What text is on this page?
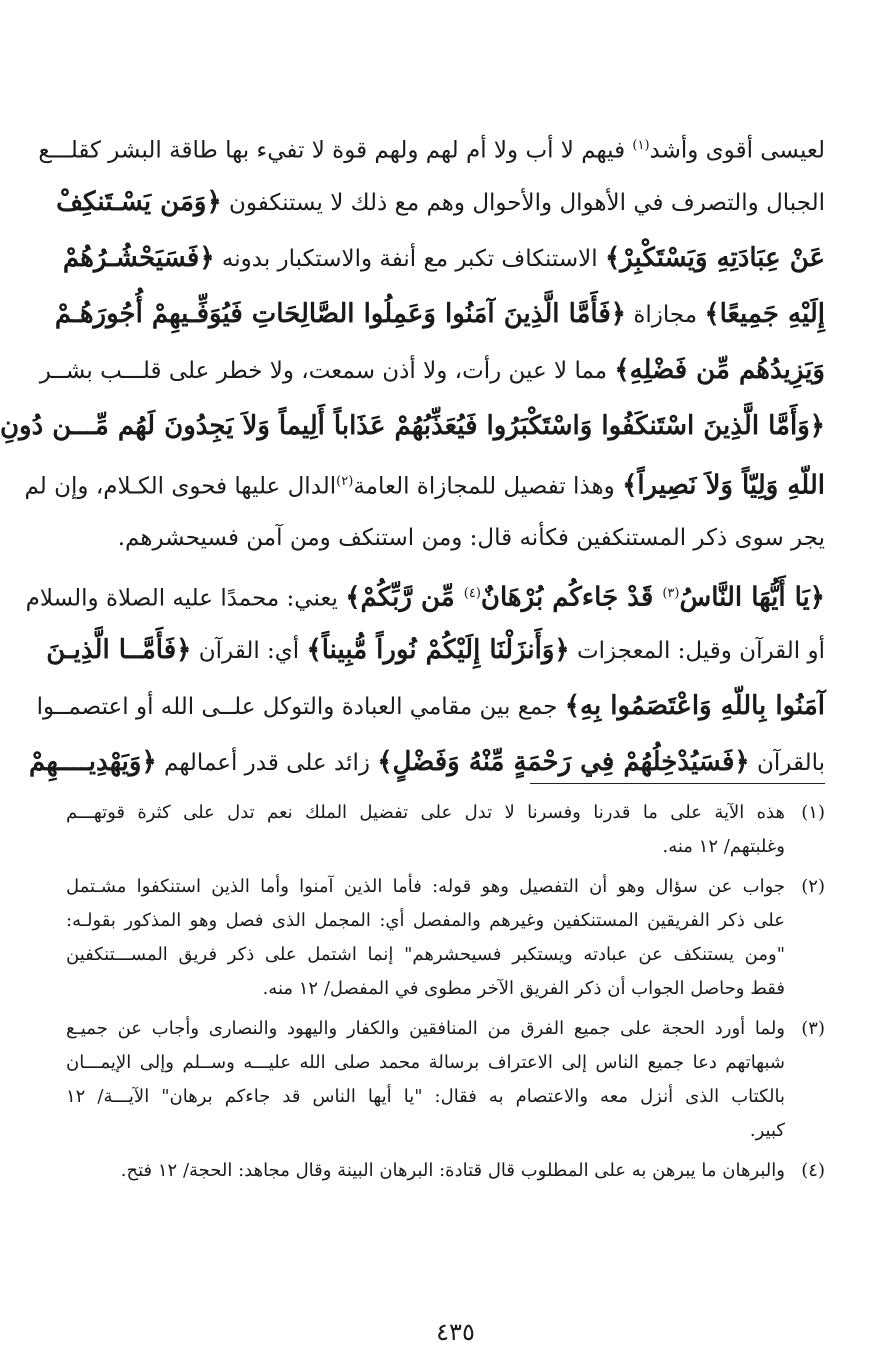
لعيسى أقوى وأشد$^{(١)}$ فيهم لا أب ولا أم لهم ولهم قوة لا تفيء بها طاقة البشر كقلـــع

الجبال والتصرف في الأهوال والأحوال وهم مع ذلك لا يستنكفون ﴿وَمَن يَسْـتَنكِفْ

عَنْ عِبَادَتِهِ وَيَسْتَكْبِرْ﴾ الاستنكاف تكبر مع أنفة والاستكبار بدونه ﴿فَسَيَحْشُـرُهُمْ

إِلَيْهِ جَمِيعًا﴾ مجازاة ﴿فَأَمَّا الَّذِينَ آمَنُوا وَعَمِلُوا الصَّالِحَاتِ فَيُوَفِّـيهِمْ أُجُورَهُـمْ

وَيَزِيدُهُم مِّن فَضْلِهِ﴾ مما لا عين رأت، ولا أذن سمعت، ولا خطر على قلـــب بشــر

﴿وَأَمَّا الَّذِينَ اسْتَنكَفُوا وَاسْتَكْبَرُوا فَيُعَذِّبُهُمْ عَذَاباً أَلِيماً وَلاَ يَجِدُونَ لَهُم مِّـــن دُونِ

اللّهِ وَلِيّاً وَلاَ نَصِيراً﴾ وهذا تفصيل للمجازاة العامة$^{(٢)}$الدال عليها فحوى الكـلام، وإن لم

يجر سوى ذكر المستنكفين فكأنه قال: ومن استنكف ومن آمن فسيحشرهم.

﴿يَا أَيُّهَا النَّاسُ$^{(٣)}$ قَدْ جَاءكُم بُرْهَانٌ$^{(٤)}$ مِّن رَّبِّكُمْ﴾ يعني: محمدًا عليه الصلاة والسلام

أو القرآن وقيل: المعجزات ﴿وَأَنزَلْنَا إِلَيْكُمْ نُوراً مُّبِيناً﴾ أي: القرآن ﴿فَأَمَّــا الَّذِيـنَ

آمَنُوا بِاللّهِ وَاعْتَصَمُوا بِهِ﴾ جمع بين مقامي العبادة والتوكل علــى الله أو اعتصمــوا

بالقرآن ﴿فَسَيُدْخِلُهُمْ فِي رَحْمَةٍ مِّنْهُ وَفَضْلٍ﴾ زائد على قدر أعمالهم ﴿وَيَهْدِيــــهِمْ

(١)
هذه الآية على ما قدرنا وفسرنا لا تدل على تفضيل الملك نعم تدل على كثرة قوتهـــم
وغلبتهم/ ١٢ منه.
(٢)
جواب عن سؤال وهو أن التفصيل وهو قوله: فأما الذين آمنوا وأما الذين استنكفوا مشـتمل
على ذكر الفريقين المستنكفين وغيرهم والمفصل أي: المجمل الذى فصل وهو المذكور بقولـه:
"ومن يستنكف عن عبادته ويستكبر فسيحشرهم" إنما اشتمل على ذكر فريق المســـتنكفين
فقط وحاصل الجواب أن ذكر الفريق الآخر مطوى في المفصل/ ١٢ منه.
(٣)
ولما أورد الحجة على جميع الفرق من المنافقين والكفار واليهود والنصارى وأجاب عن جميـع
شبهاتهم دعا جميع الناس إلى الاعتراف برسالة محمد صلى الله عليـــه وســلم وإلى الإيمـــان
بالكتاب الذى أنزل معه والاعتصام به فقال: "يا أيها الناس قد جاءكم برهان" الآيـــة/ ١٢
كبير.
(٤)
والبرهان ما يبرهن به على المطلوب قال قتادة: البرهان البينة وقال مجاهد: الحجة/ ١٢ فتح.
٤٣٥
